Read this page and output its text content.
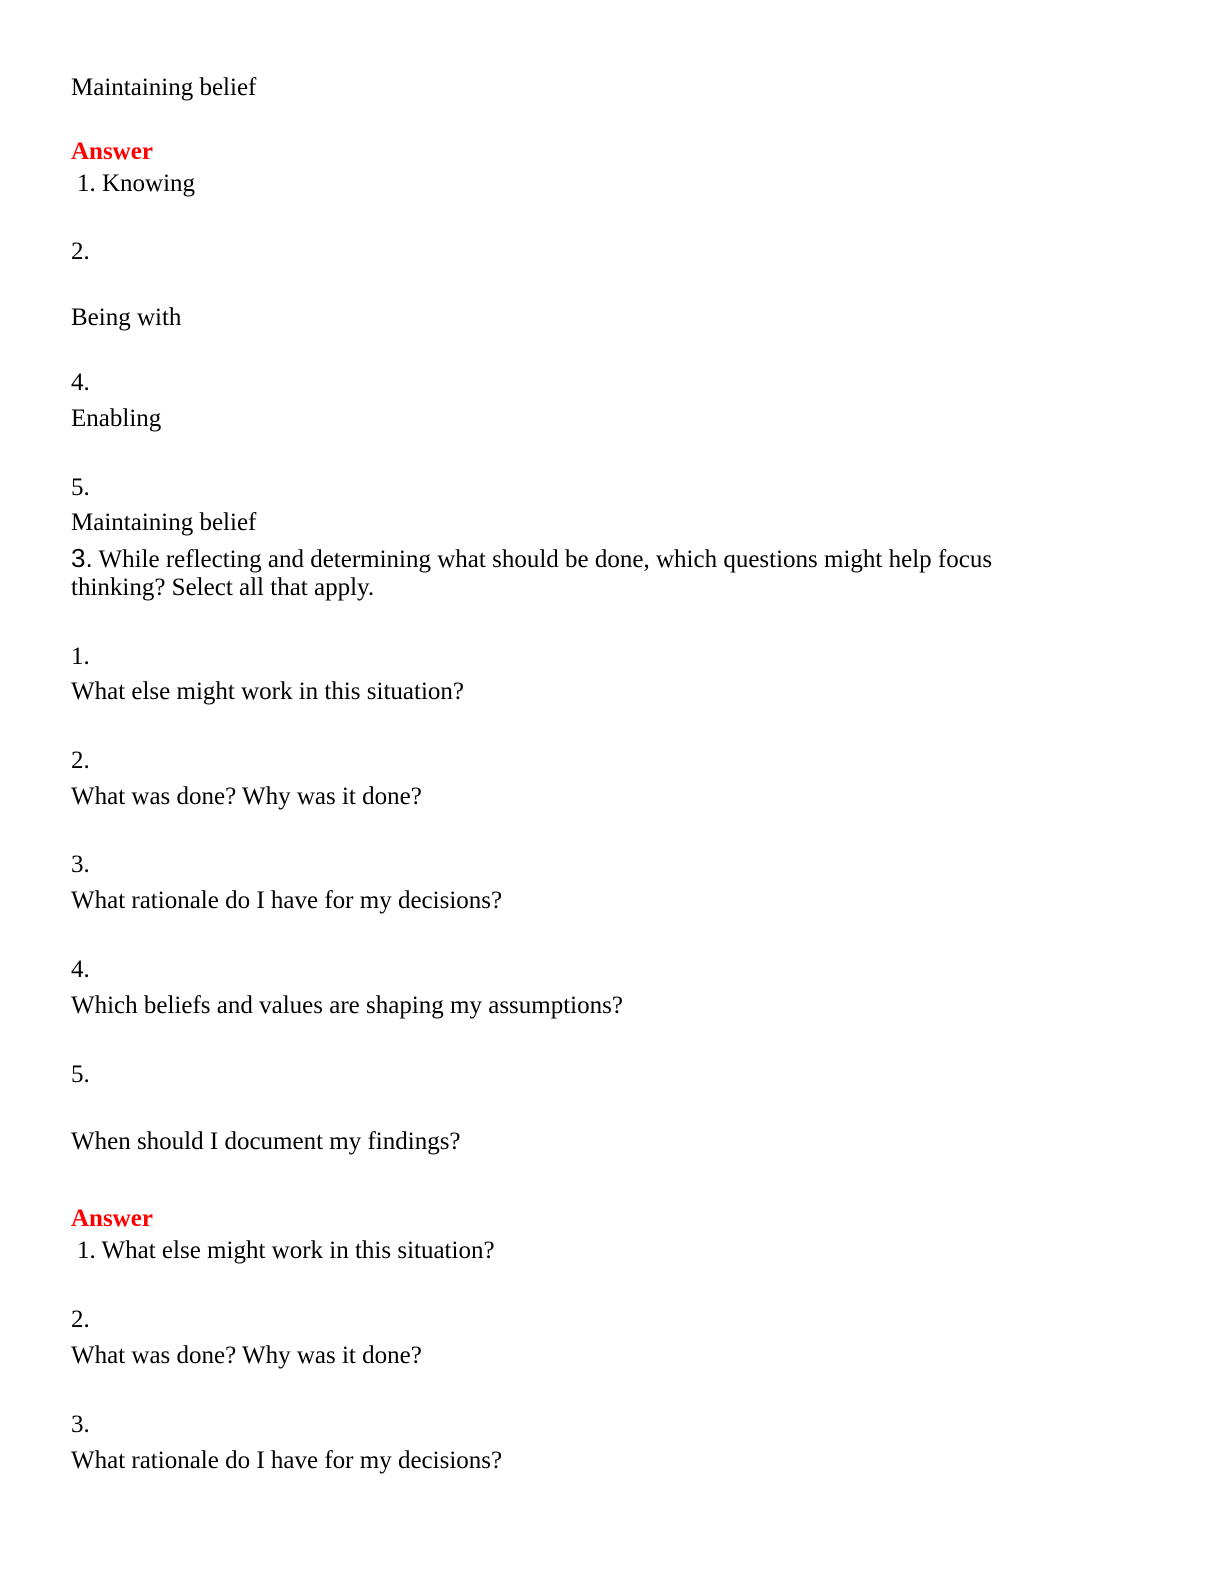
Maintaining belief
Answer
1. Knowing
2.
Being with
4.
Enabling
5.
Maintaining belief
3. While reflecting and determining what should be done, which questions might help focus
thinking? Select all that apply.
1.
What else might work in this situation?
2.
What was done? Why was it done?
3.
What rationale do I have for my decisions?
4.
Which beliefs and values are shaping my assumptions?
5.
When should I document my findings?
Answer
1. What else might work in this situation?
2.
What was done? Why was it done?
3.
What rationale do I have for my decisions?
